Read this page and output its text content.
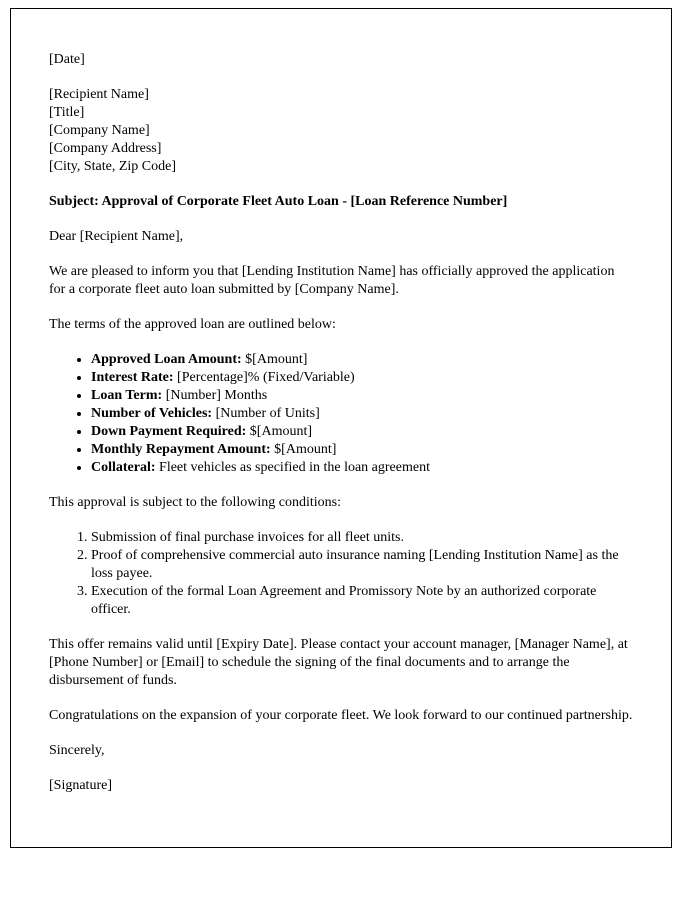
[Date]

[Recipient Name]
[Title]
[Company Name]
[Company Address]
[City, State, Zip Code]

Subject: Approval of Corporate Fleet Auto Loan - [Loan Reference Number]

Dear [Recipient Name],

We are pleased to inform you that [Lending Institution Name] has officially approved the application for a corporate fleet auto loan submitted by [Company Name].

The terms of the approved loan are outlined below:

• Approved Loan Amount: $[Amount]
• Interest Rate: [Percentage]% (Fixed/Variable)
• Loan Term: [Number] Months
• Number of Vehicles: [Number of Units]
• Down Payment Required: $[Amount]
• Monthly Repayment Amount: $[Amount]
• Collateral: Fleet vehicles as specified in the loan agreement

This approval is subject to the following conditions:

1. Submission of final purchase invoices for all fleet units.
2. Proof of comprehensive commercial auto insurance naming [Lending Institution Name] as the loss payee.
3. Execution of the formal Loan Agreement and Promissory Note by an authorized corporate officer.

This offer remains valid until [Expiry Date]. Please contact your account manager, [Manager Name], at [Phone Number] or [Email] to schedule the signing of the final documents and to arrange the disbursement of funds.

Congratulations on the expansion of your corporate fleet. We look forward to our continued partnership.

Sincerely,

[Signature]
